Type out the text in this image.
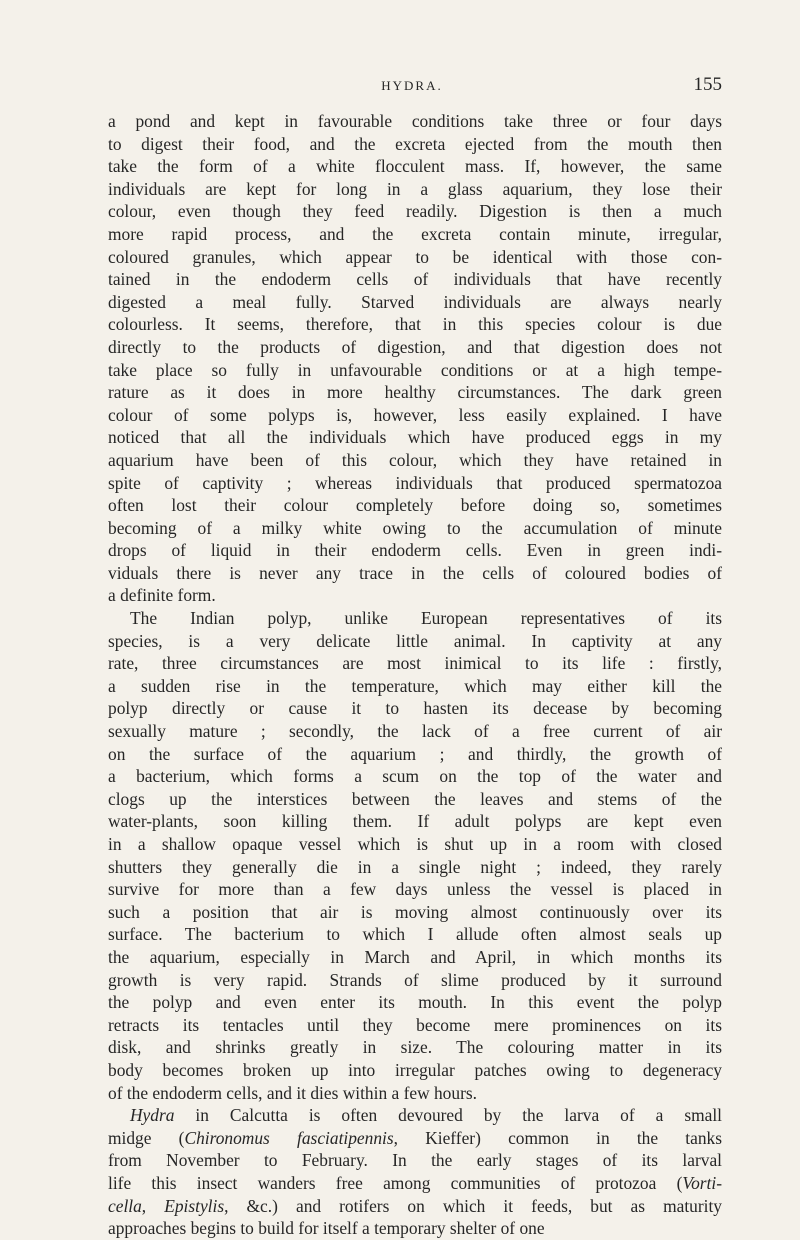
HYDRA.	155
a pond and kept in favourable conditions take three or four days
to digest their food, and the excreta ejected from the mouth then
take the form of a white flocculent mass. If, however, the same
individuals are kept for long in a glass aquarium, they lose their
colour, even though they feed readily. Digestion is then a much
more rapid process, and the excreta contain minute, irregular,
coloured granules, which appear to be identical with those con-
tained in the endoderm cells of individuals that have recently
digested a meal fully. Starved individuals are always nearly
colourless. It seems, therefore, that in this species colour is due
directly to the products of digestion, and that digestion does not
take place so fully in unfavourable conditions or at a high tempe-
rature as it does in more healthy circumstances. The dark green
colour of some polyps is, however, less easily explained. I have
noticed that all the individuals which have produced eggs in my
aquarium have been of this colour, which they have retained in
spite of captivity ; whereas individuals that produced spermatozoa
often lost their colour completely before doing so, sometimes
becoming of a milky white owing to the accumulation of minute
drops of liquid in their endoderm cells. Even in green indi-
viduals there is never any trace in the cells of coloured bodies of
a definite form.
The Indian polyp, unlike European representatives of its
species, is a very delicate little animal. In captivity at any
rate, three circumstances are most inimical to its life : firstly,
a sudden rise in the temperature, which may either kill the
polyp directly or cause it to hasten its decease by becoming
sexually mature ; secondly, the lack of a free current of air
on the surface of the aquarium ; and thirdly, the growth of
a bacterium, which forms a scum on the top of the water and
clogs up the interstices between the leaves and stems of the
water-plants, soon killing them. If adult polyps are kept even
in a shallow opaque vessel which is shut up in a room with closed
shutters they generally die in a single night ; indeed, they rarely
survive for more than a few days unless the vessel is placed in
such a position that air is moving almost continuously over its
surface. The bacterium to which I allude often almost seals up
the aquarium, especially in March and April, in which months its
growth is very rapid. Strands of slime produced by it surround
the polyp and even enter its mouth. In this event the polyp
retracts its tentacles until they become mere prominences on its
disk, and shrinks greatly in size. The colouring matter in its
body becomes broken up into irregular patches owing to degeneracy
of the endoderm cells, and it dies within a few hours.
Hydra in Calcutta is often devoured by the larva of a small
midge (Chironomus fasciatipennis, Kieffer) common in the tanks
from November to February. In the early stages of its larval
life this insect wanders free among communities of protozoa (Vorti-
cella, Epistylis, &c.) and rotifers on which it feeds, but as maturity
approaches begins to build for itself a temporary shelter of one
